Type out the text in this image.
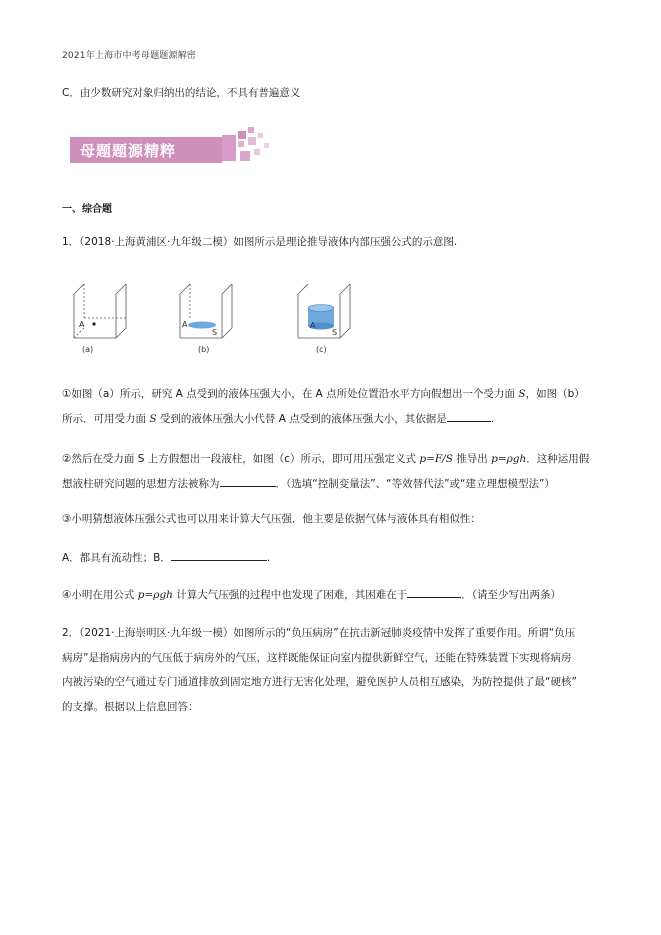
2021年上海市中考母题题源解密
C．由少数研究对象归纳出的结论，不具有普遍意义
母题题源精粹
一、综合题
1．（2018·上海黄浦区·九年级二模）如图所示是理论推导液体内部压强公式的示意图.
A
(a)
A
S
(b)
A
S
(c)
①如图（a）所示，研究 A 点受到的液体压强大小，在 A 点所处位置沿水平方向假想出一个受力面 S，如图（b）
所示．可用受力面 S 受到的液体压强大小代替 A 点受到的液体压强大小，其依据是	.
②然后在受力面 S 上方假想出一段液柱，如图（c）所示，即可用压强定义式 p=F/S 推导出 p=ρgh．这种运用假
想液柱研究问题的思想方法被称为	．（选填“控制变量法”、“等效替代法”或“建立理想模型法”）
③小明猜想液体压强公式也可以用来计算大气压强．他主要是依据气体与液体具有相似性：
A．都具有流动性；B．	.
④小明在用公式 p=ρgh 计算大气压强的过程中也发现了困难，其困难在于	．（请至少写出两条）
2．（2021·上海崇明区·九年级一模）如图所示的“负压病房”在抗击新冠肺炎疫情中发挥了重要作用。所谓“负压
病房”是指病房内的气压低于病房外的气压，这样既能保证向室内提供新鲜空气，还能在特殊装置下实现将病房
内被污染的空气通过专门通道排放到固定地方进行无害化处理，避免医护人员相互感染，为防控提供了最“硬核”
的支撑。根据以上信息回答：
